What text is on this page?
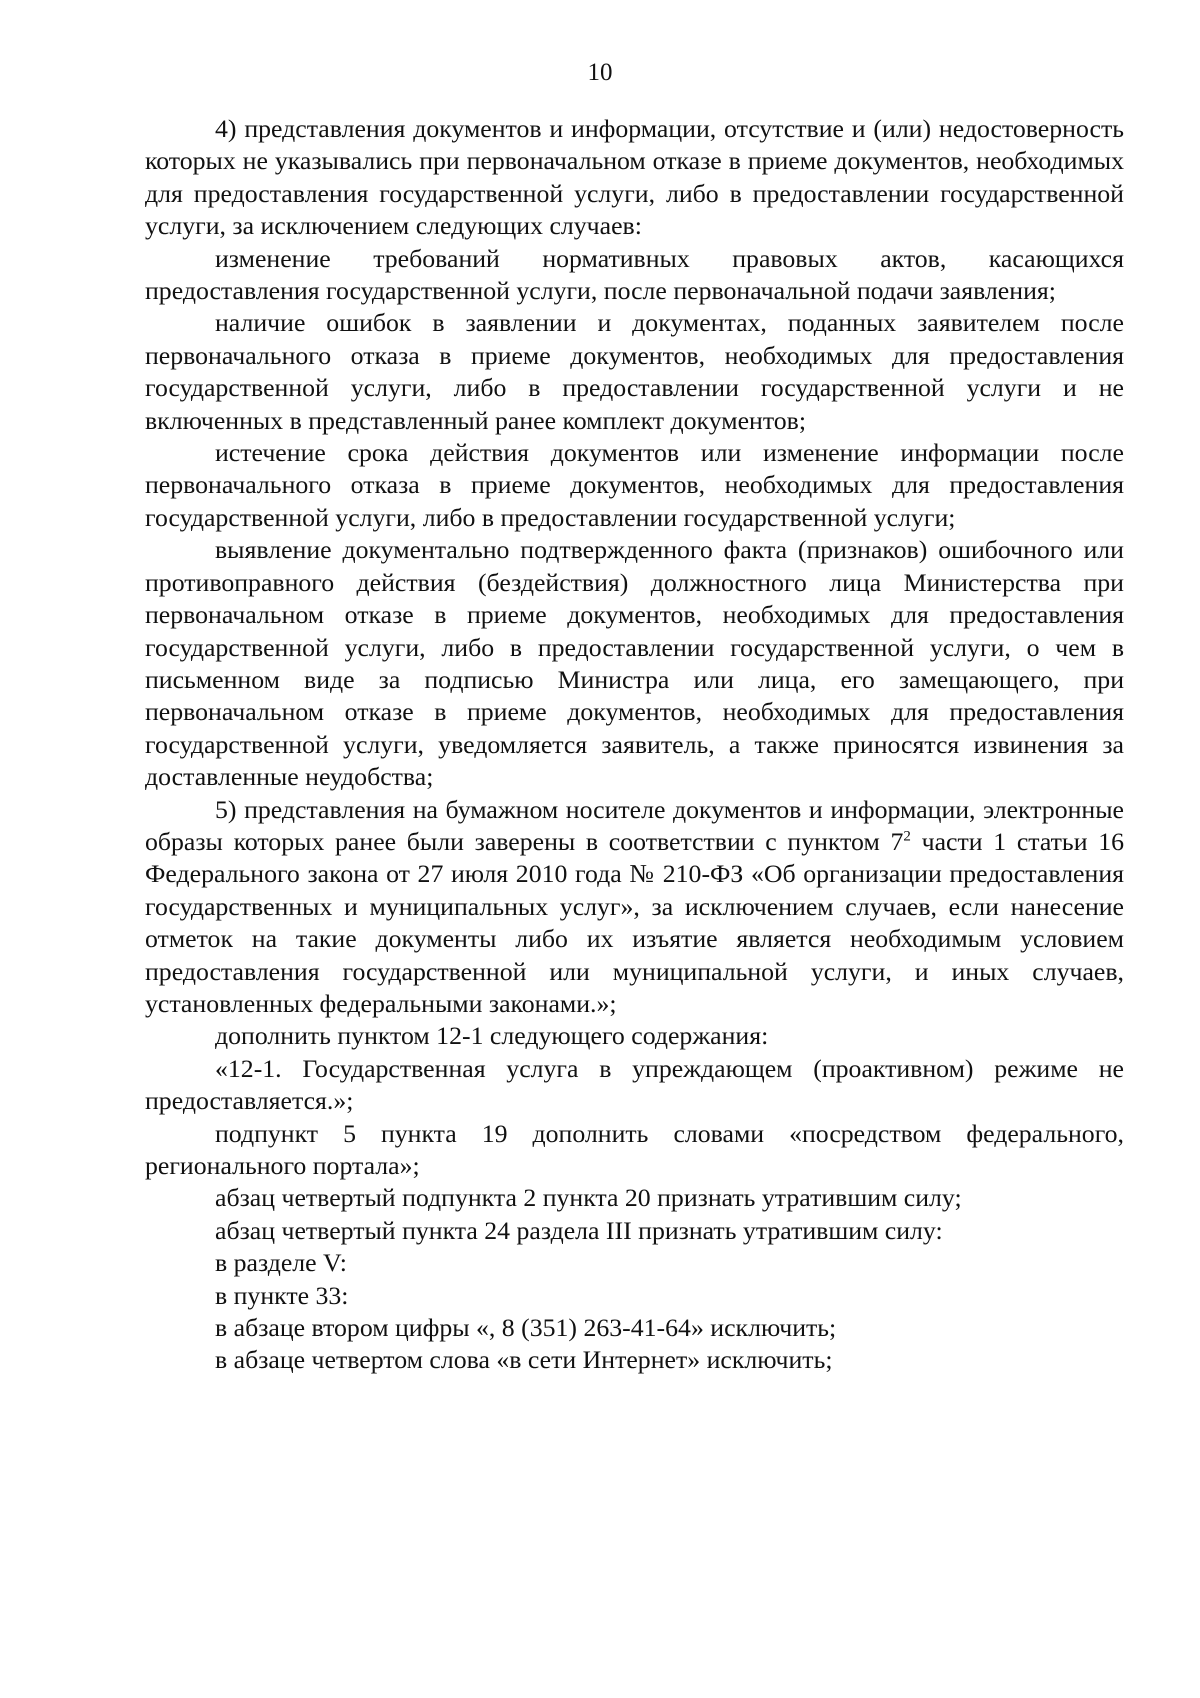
10

4) представления документов и информации, отсутствие и (или) недостоверность которых не указывались при первоначальном отказе в приеме документов, необходимых для предоставления государственной услуги, либо в предоставлении государственной услуги, за исключением следующих случаев:

изменение требований нормативных правовых актов, касающихся предоставления государственной услуги, после первоначальной подачи заявления;

наличие ошибок в заявлении и документах, поданных заявителем после первоначального отказа в приеме документов, необходимых для предоставления государственной услуги, либо в предоставлении государственной услуги и не включенных в представленный ранее комплект документов;

истечение срока действия документов или изменение информации после первоначального отказа в приеме документов, необходимых для предоставления государственной услуги, либо в предоставлении государственной услуги;

выявление документально подтвержденного факта (признаков) ошибочного или противоправного действия (бездействия) должностного лица Министерства при первоначальном отказе в приеме документов, необходимых для предоставления государственной услуги, либо в предоставлении государственной услуги, о чем в письменном виде за подписью Министра или лица, его замещающего, при первоначальном отказе в приеме документов, необходимых для предоставления государственной услуги, уведомляется заявитель, а также приносятся извинения за доставленные неудобства;

5) представления на бумажном носителе документов и информации, электронные образы которых ранее были заверены в соответствии с пунктом $7^2$ части 1 статьи 16 Федерального закона от 27 июля 2010 года № 210-ФЗ «Об организации предоставления государственных и муниципальных услуг», за исключением случаев, если нанесение отметок на такие документы либо их изъятие является необходимым условием предоставления государственной или муниципальной услуги, и иных случаев, установленных федеральными законами.»;

дополнить пунктом 12-1 следующего содержания:

«12-1. Государственная услуга в упреждающем (проактивном) режиме не предоставляется.»;

подпункт 5 пункта 19 дополнить словами «посредством федерального, регионального портала»;

абзац четвертый подпункта 2 пункта 20 признать утратившим силу;

абзац четвертый пункта 24 раздела III признать утратившим силу:

в разделе V:

в пункте 33:

в абзаце втором цифры «, 8 (351) 263-41-64» исключить;

в абзаце четвертом слова «в сети Интернет» исключить;
